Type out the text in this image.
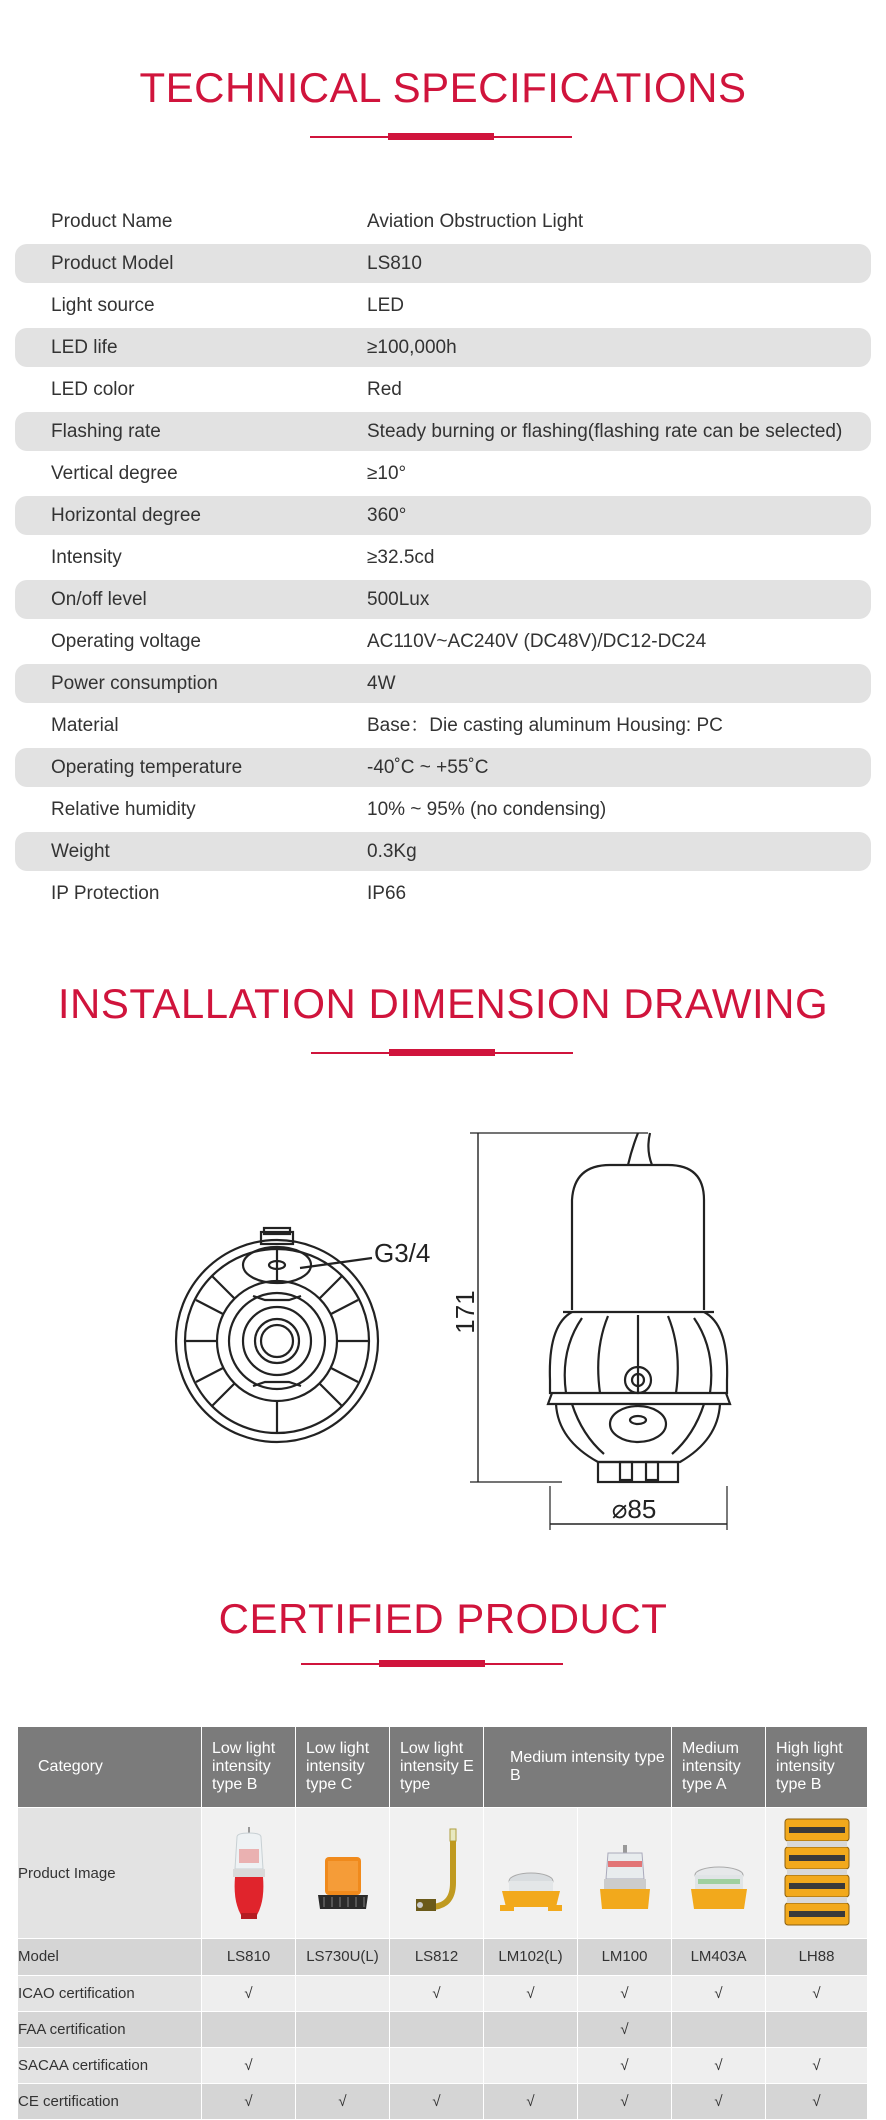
TECHNICAL SPECIFICATIONS
Product Name	Aviation Obstruction Light
Product Model	LS810
Light source	LED
LED life	≥100,000h
LED color	Red
Flashing rate	Steady burning or flashing(flashing rate can be selected)
Vertical degree	≥10°
Horizontal degree	360°
Intensity	≥32.5cd
On/off level	500Lux
Operating voltage	AC110V~AC240V (DC48V)/DC12-DC24
Power consumption	4W
Material	Base：Die casting aluminum Housing: PC
Operating temperature	-40˚C ~ +55˚C
Relative humidity	10% ~ 95% (no condensing)
Weight	0.3Kg
IP Protection	IP66
INSTALLATION DIMENSION DRAWING
G3/4
171
⌀85
CERTIFIED PRODUCT
Category	Low light intensity type B	Low light intensity type C	Low light intensity E type	Medium intensity type B		Medium intensity type A	High light intensity type B

Product Image	

Model	LS810	LS730U(L)	LS812	LM102(L)	LM100	LM403A	LH88
ICAO certification	√		√	√	√	√	√
FAA certification					√		
SACAA certification	√				√	√	√
CE certification	√	√	√	√	√	√	√
